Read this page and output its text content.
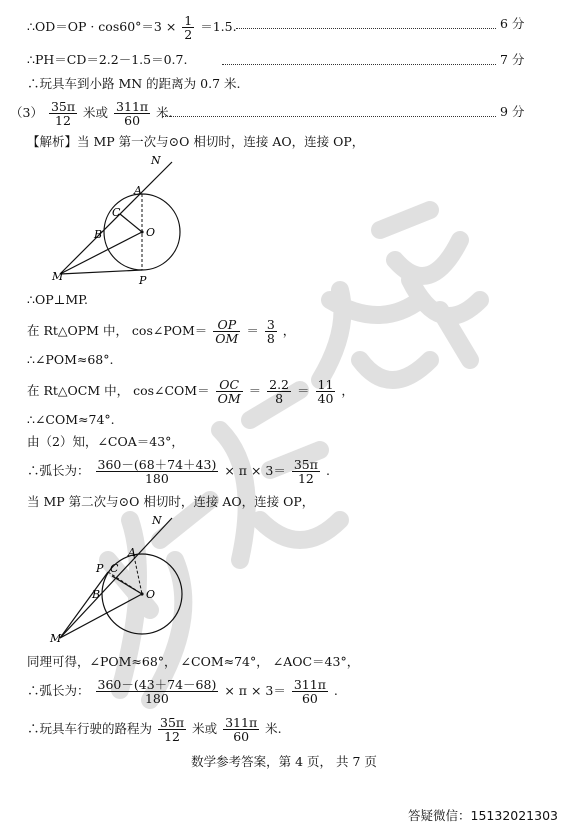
∴OD＝OP · $\cos 60^\circ=3 \times \frac{1}{2} =1.5$.	6 分
∴PH＝CD＝2.2－1.5＝0.7.	7 分
∴玩具车到小路 MN 的距离为 0.7 米.
$(3) \frac{35\pi}{12}$ 米或 $\frac{311\pi}{60}$ 米.	9 分
【解析】当 MP 第一次与⊙O 相切时，连接 AO，连接 OP，
N
A
C
B	O
M	P
∴OP⊥MP.
在 Rt△OPM 中， cos∠POM＝ $\frac{OP}{OM} = \frac{3}{8}$ ，
∴∠POM≈68°.
在 Rt△OCM 中， cos∠COM＝ $\frac{OC}{OM} = \frac{2.2}{8} = \frac{11}{40}$ ，
∴∠COM≈74°.
由（2）知，∠COA＝43°，
∴弧长为： $\frac{360-(68+74+43)}{180} \times \pi \times 3= \frac{35\pi}{12}$ .
当 MP 第二次与⊙O 相切时，连接 AO，连接 OP，
N
A
P C
B	O
M
同理可得，∠POM≈68°， ∠COM≈74°， ∠AOC＝43°，
∴弧长为： $\frac{360-(43+74-68)}{180} \times \pi \times 3= \frac{311\pi}{60}$ .
∴玩具车行驶的路程为 $\frac{35\pi}{12}$ 米或 $\frac{311\pi}{60}$ 米.
数学参考答案，第 4 页， 共 7 页
答疑微信：15132021303
